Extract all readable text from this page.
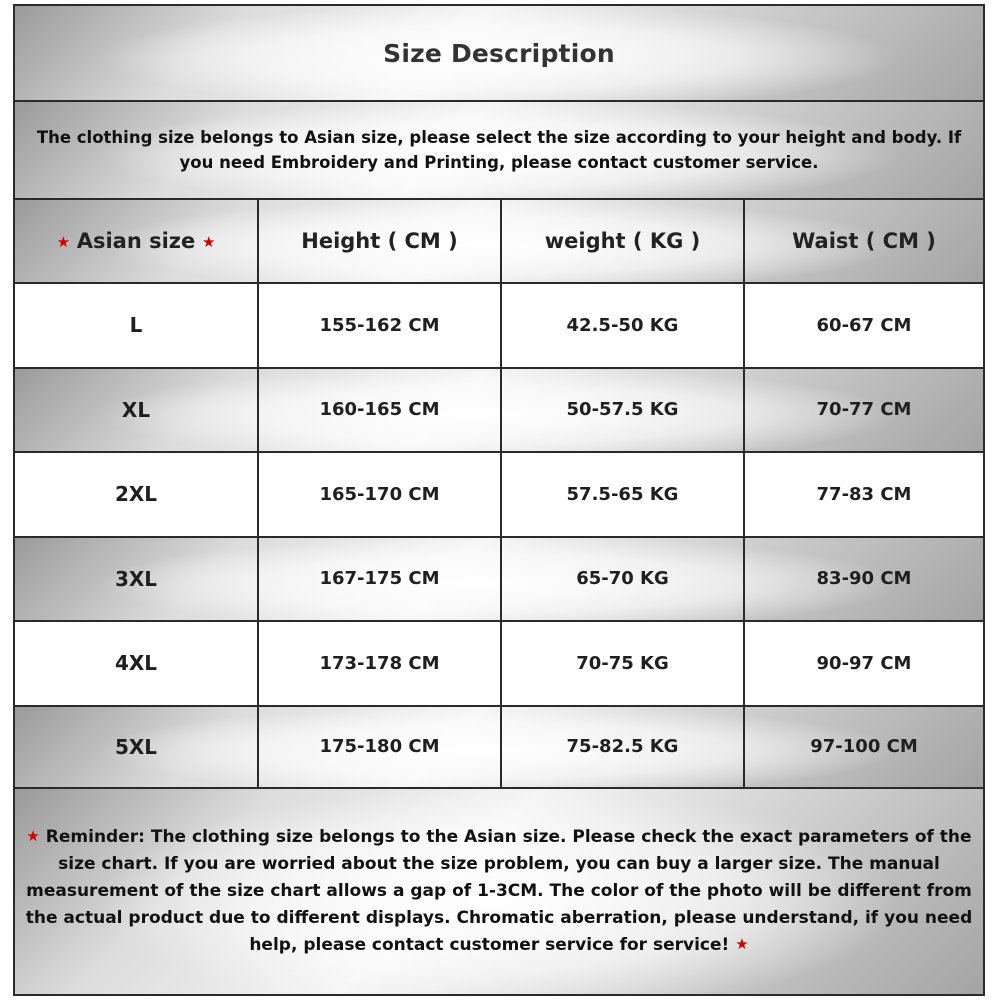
Size Description
The clothing size belongs to Asian size, please select the size according to your height and body. If you need Embroidery and Printing, please contact customer service.
★ Asian size ★	Height ( CM )	weight ( KG )	Waist ( CM )
L	155-162 CM	42.5-50 KG	60-67 CM
XL	160-165 CM	50-57.5 KG	70-77 CM
2XL	165-170 CM	57.5-65 KG	77-83 CM
3XL	167-175 CM	65-70 KG	83-90 CM
4XL	173-178 CM	70-75 KG	90-97 CM
5XL	175-180 CM	75-82.5 KG	97-100 CM
★ Reminder: The clothing size belongs to the Asian size. Please check the exact parameters of the size chart. If you are worried about the size problem, you can buy a larger size. The manual measurement of the size chart allows a gap of 1-3CM. The color of the photo will be different from the actual product due to different displays. Chromatic aberration, please understand, if you need help, please contact customer service for service! ★
